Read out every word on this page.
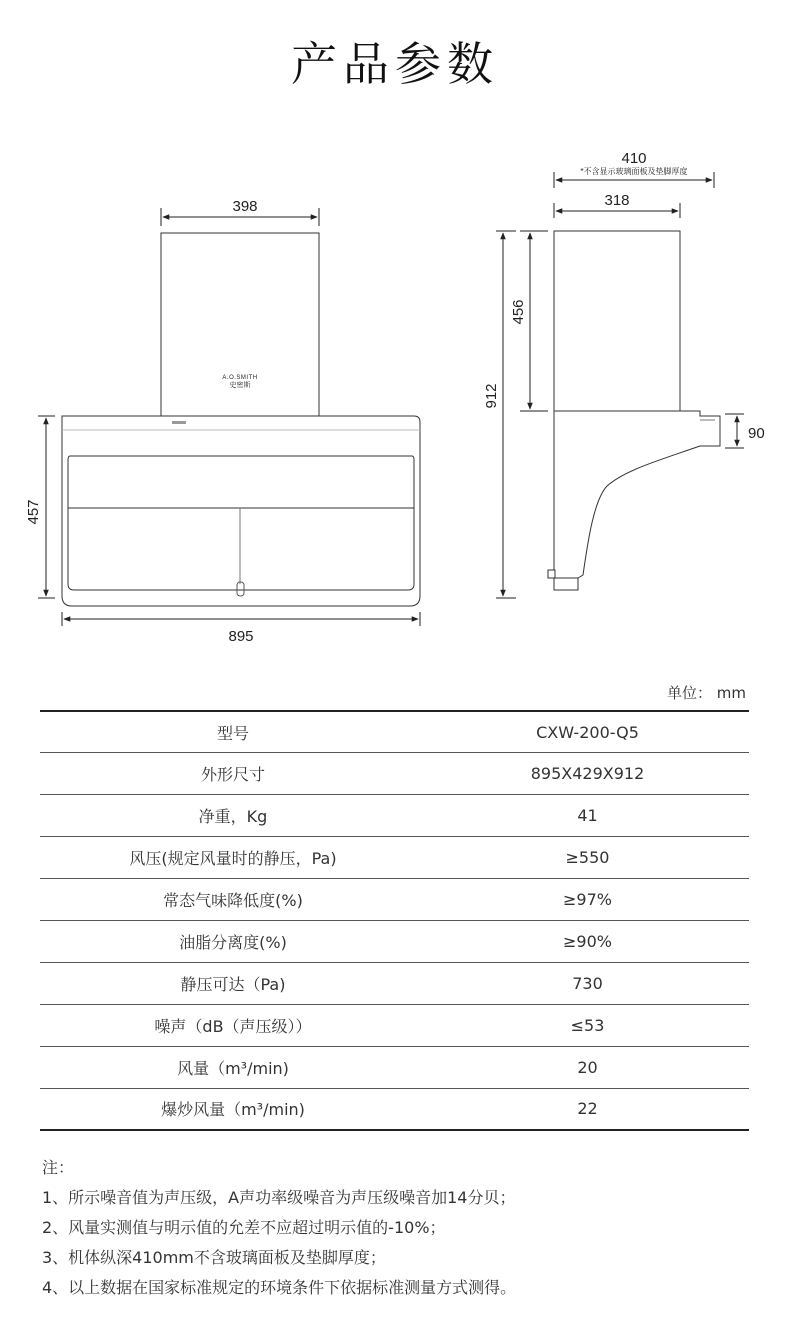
产品参数
A.O.SMITH
史密斯
398
457
895
410
*不含显示玻璃面板及垫脚厚度
318
456
912
90
单位： mm
型号	CXW-200-Q5
外形尺寸	895X429X912
净重，Kg	41
风压(规定风量时的静压，Pa)	≥550
常态气味降低度(%)	≥97%
油脂分离度(%)	≥90%
静压可达（Pa)	730
噪声（dB（声压级））	≤53
风量（m³/min)	20
爆炒风量（m³/min)	22
注：
1、所示噪音值为声压级，A声功率级噪音为声压级噪音加14分贝；
2、风量实测值与明示值的允差不应超过明示值的-10%；
3、机体纵深410mm不含玻璃面板及垫脚厚度；
4、以上数据在国家标准规定的环境条件下依据标准测量方式测得。
